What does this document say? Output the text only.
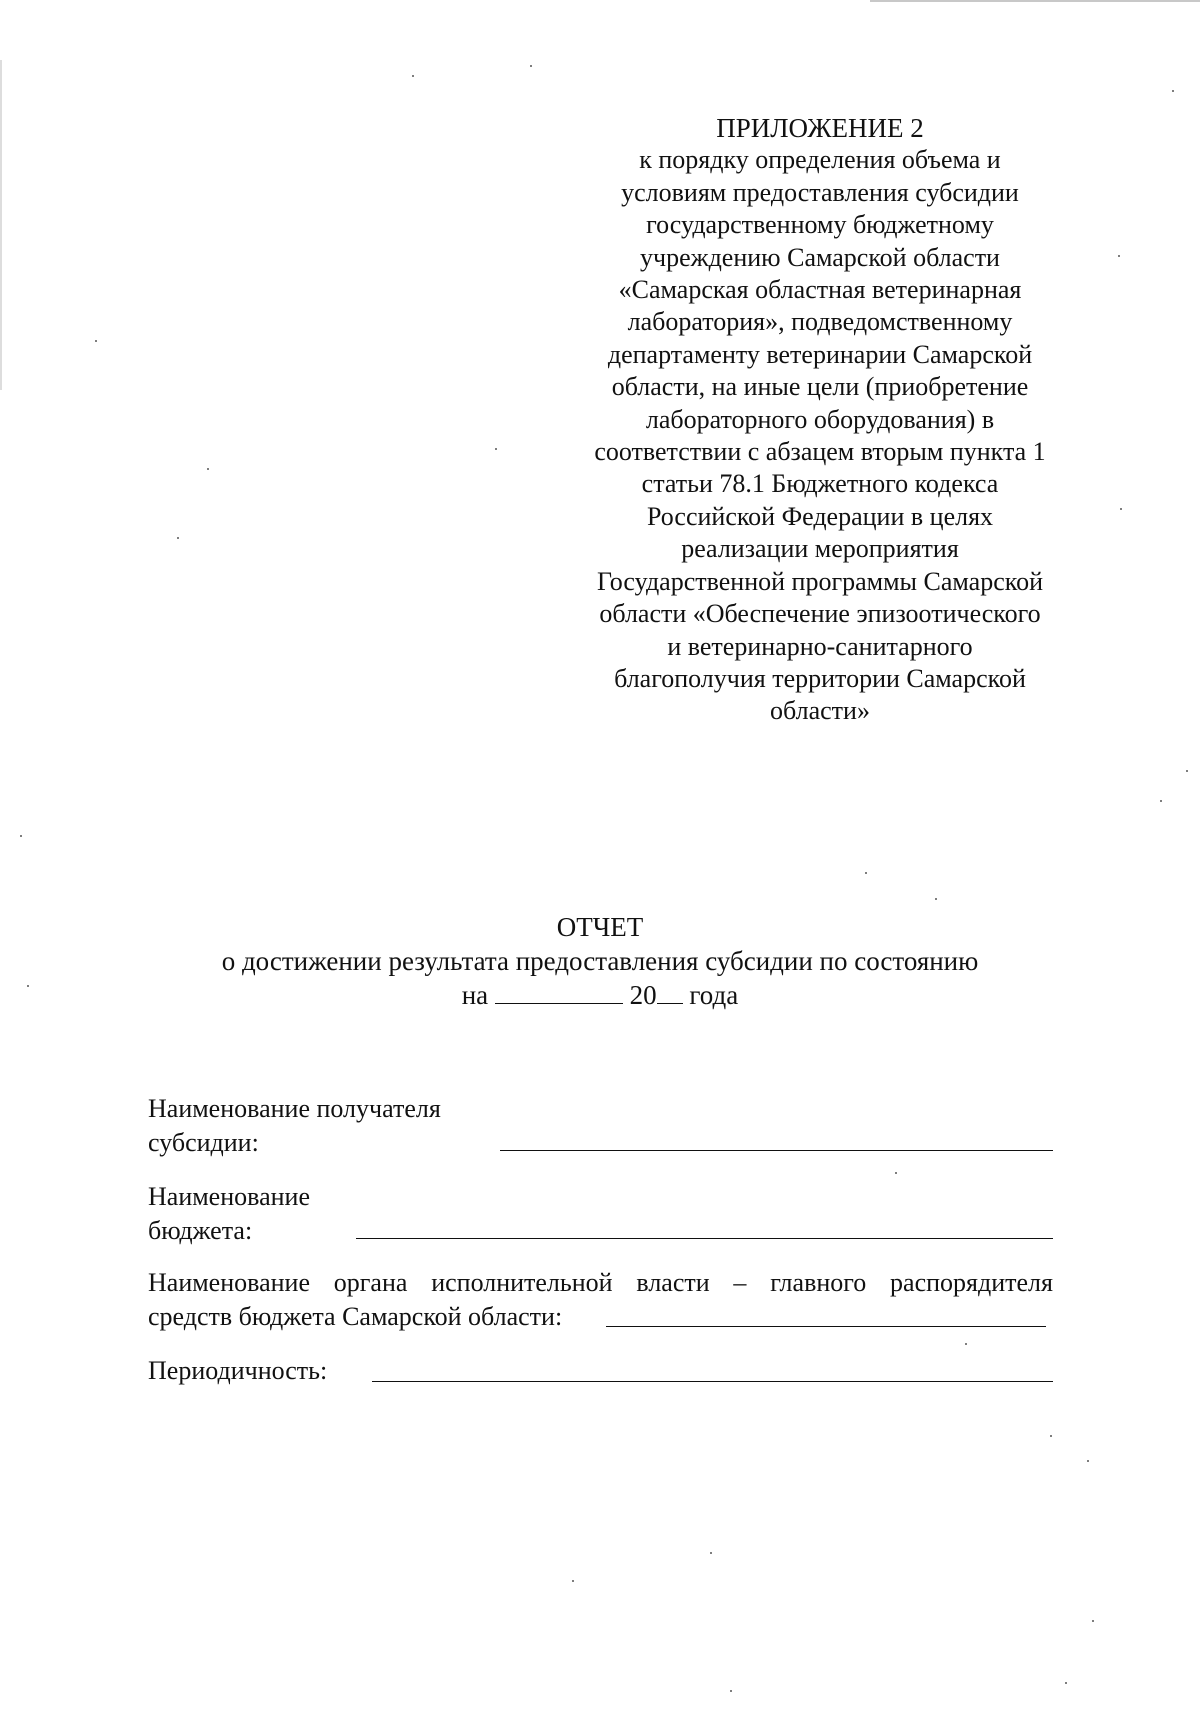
ПРИЛОЖЕНИЕ 2
к порядку определения объема и
условиям предоставления субсидии
государственному бюджетному
учреждению Самарской области
«Самарская областная ветеринарная
лаборатория», подведомственному
департаменту ветеринарии Самарской
области, на иные цели (приобретение
лабораторного оборудования) в
соответствии с абзацем вторым пункта 1
статьи 78.1 Бюджетного кодекса
Российской Федерации в целях
реализации мероприятия
Государственной программы Самарской
области «Обеспечение эпизоотического
и ветеринарно-санитарного
благополучия территории Самарской
области»
ОТЧЕТ
о достижении результата предоставления субсидии по состоянию
на	20 года
Наименование получателя
субсидии:
Наименование
бюджета:
Наименование органа исполнительной власти – главного распорядителя
средств бюджета Самарской области:
Периодичность:
